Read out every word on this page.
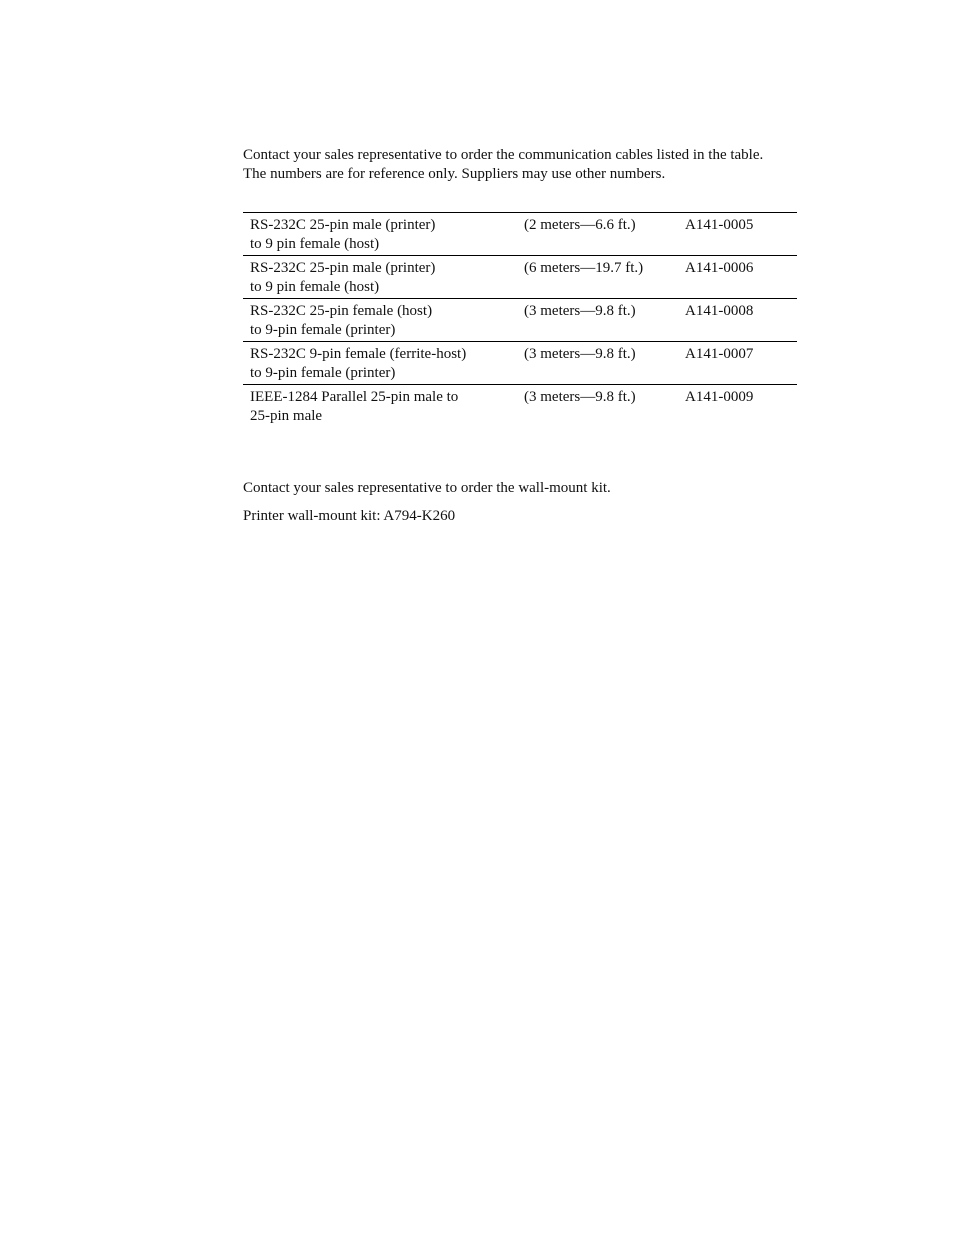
Contact your sales representative to order the communication cables listed in the table.
The numbers are for reference only. Suppliers may use other numbers.
RS-232C 25-pin male (printer)
to 9 pin female (host)	(2 meters—6.6 ft.)	A141-0005

RS-232C 25-pin male (printer)
to 9 pin female (host)	(6 meters—19.7 ft.)	A141-0006

RS-232C 25-pin female (host)
to 9-pin female (printer)	(3 meters—9.8 ft.)	A141-0008

RS-232C 9-pin female (ferrite-host)
to 9-pin female (printer)	(3 meters—9.8 ft.)	A141-0007

IEEE-1284 Parallel 25-pin male to
25-pin male	(3 meters—9.8 ft.)	A141-0009
Contact your sales representative to order the wall-mount kit.
Printer wall-mount kit: A794-K260
